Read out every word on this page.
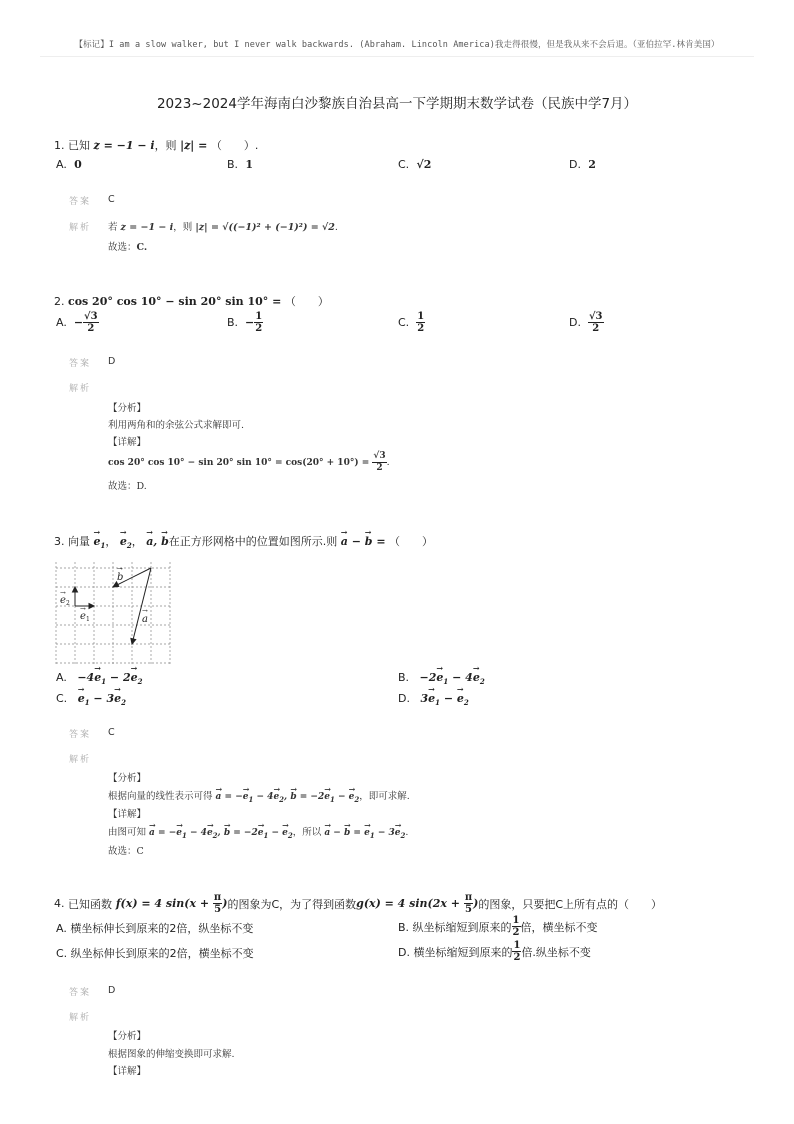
【标记】I am a slow walker, but I never walk backwards. (Abraham. Lincoln America)我走得很慢，但是我从来不会后退。（亚伯拉罕.林肯美国）
2023~2024学年海南白沙黎族自治县高一下学期期末数学试卷（民族中学7月）
1. 已知 z = −1 − i，则 |z| = （　　）.
A.  0	B.  1	C.  √2	D.  2
答案 C
解析 若 z = −1 − i，则 |z| = √((−1)² + (−1)²) = √2.
故选：C.
2. cos 20° cos 10° − sin 20° sin 10° = （　　）
A.
− $\frac{√3}{2}$	B.
− $\frac{1}{2}$	C.
$\frac{1}{2}$	D.
$\frac{√3}{2}$
答案 D
解析
【分析】
利用两角和的余弦公式求解即可.
【详解】
cos 20° cos 10° − sin 20° $\sin 10^\circ = \cos(20^\circ + 10^\circ) = \frac{√3}{2}$ .
故选：D.
3. 向量 → $e_1$， → $e_2$， → a, → b在正方形网格中的位置如图所示.则 → a − → b = （　　）
b
→
a
→
e 1
→
e 2
→
A. $-4\to e_1 - 2\to e_2$	B. $-2\to e_1 - 4\to e_2$
C. → $e_1 - 3\to e_2$	D. $3\to e_1$ − → $e_2$
答案 C
解析
【分析】
根据向量的线性表示可得 → a = −→ $e_1 - 4\to e_2$, → $b = -2\to e_1$ − → $e_2$，即可求解.
【详解】
由图可知 → a = −→ $e_1 - 4\to e_2$, → $b = -2\to e_1$ − → $e_2$，所以 → a − → b = → $e_1 - 3\to e_2$.
故选：C
4.
已知函数 f(x) = 4 $\sin(x + \frac{\pi}{5}$ ) 的图象为C，为了得到函数 g(x) = 4 $\sin(2x + \frac{\pi}{5}$ ) 的图象，只要把C上所有点的（　　）
A. 横坐标伸长到原来的2倍，纵坐标不变	B. 纵坐标缩短到原来的 $\frac{1}{2}$ 倍，横坐标不变
C. 纵坐标伸长到原来的2倍，横坐标不变	D. 横坐标缩短到原来的 $\frac{1}{2}$ 倍.纵坐标不变
答案 D
解析
【分析】
根据图象的伸缩变换即可求解.
【详解】
